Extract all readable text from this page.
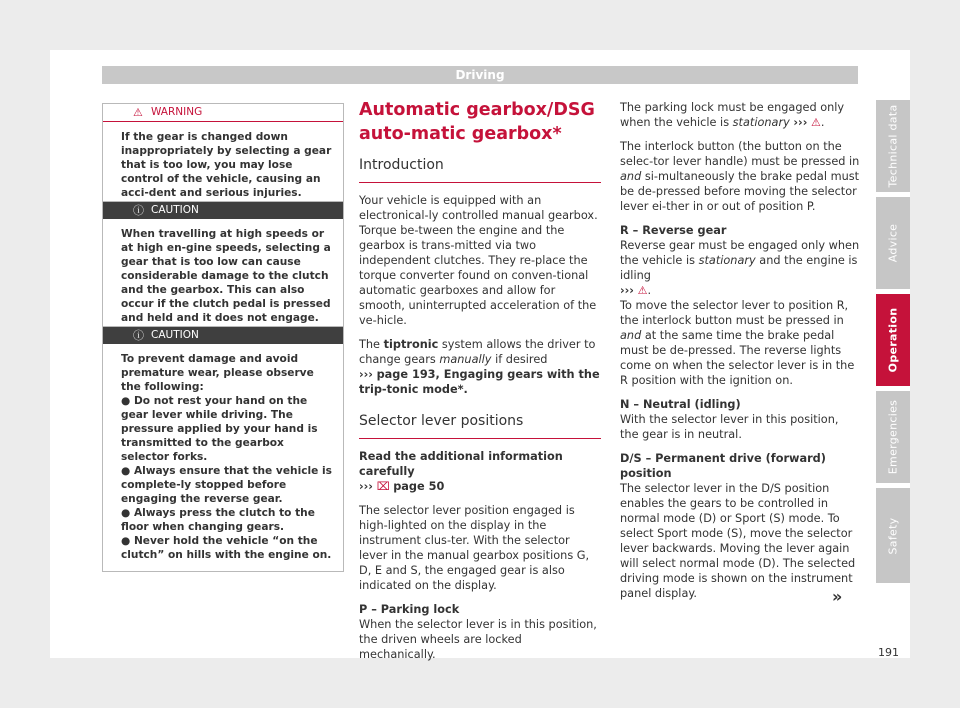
Driving
⚠ WARNING
If the gear is changed down inappropriately by selecting a gear that is too low, you may lose control of the vehicle, causing an acci-dent and serious injuries.
ⓘ CAUTION
When travelling at high speeds or at high en-gine speeds, selecting a gear that is too low can cause considerable damage to the clutch and the gearbox. This can also occur if the clutch pedal is pressed and held and it does not engage.
ⓘ CAUTION
To prevent damage and avoid premature wear, please observe the following:
● Do not rest your hand on the gear lever while driving. The pressure applied by your hand is transmitted to the gearbox selector forks.
● Always ensure that the vehicle is complete-ly stopped before engaging the reverse gear.
● Always press the clutch to the floor when changing gears.
● Never hold the vehicle “on the clutch” on hills with the engine on.
Automatic gearbox/DSG auto-matic gearbox*
Introduction

Your vehicle is equipped with an electronical-ly controlled manual gearbox. Torque be-tween the engine and the gearbox is trans-mitted via two independent clutches. They re-place the torque converter found on conven-tional automatic gearboxes and allow for smooth, uninterrupted acceleration of the ve-hicle.

The tiptronic system allows the driver to change gears manually if desired
››› page 193, Engaging gears with the trip-tonic mode*.

Selector lever positions

Read the additional information carefully
››› ⌧ page 50

The selector lever position engaged is high-lighted on the display in the instrument clus-ter. With the selector lever in the manual gearbox positions G, D, E and S, the engaged gear is also indicated on the display.

P – Parking lock
When the selector lever is in this position, the driven wheels are locked mechanically.

The parking lock must be engaged only when the vehicle is stationary ››› ⚠.

The interlock button (the button on the selec-tor lever handle) must be pressed in and si-multaneously the brake pedal must be de-pressed before moving the selector lever ei-ther in or out of position P.

R – Reverse gear
Reverse gear must be engaged only when the vehicle is stationary and the engine is idling
››› ⚠.
To move the selector lever to position R, the interlock button must be pressed in and at the same time the brake pedal must be de-pressed. The reverse lights come on when the selector lever is in the R position with the ignition on.

N – Neutral (idling)
With the selector lever in this position, the gear is in neutral.

D/S – Permanent drive (forward) position
The selector lever in the D/S position enables the gears to be controlled in normal mode (D) or Sport (S) mode. To select Sport mode (S), move the selector lever backwards. Moving the lever again will select normal mode (D). The selected driving mode is shown on the instrument panel display.	»
Technical data
Advice
Operation
Emergencies
Safety
191
